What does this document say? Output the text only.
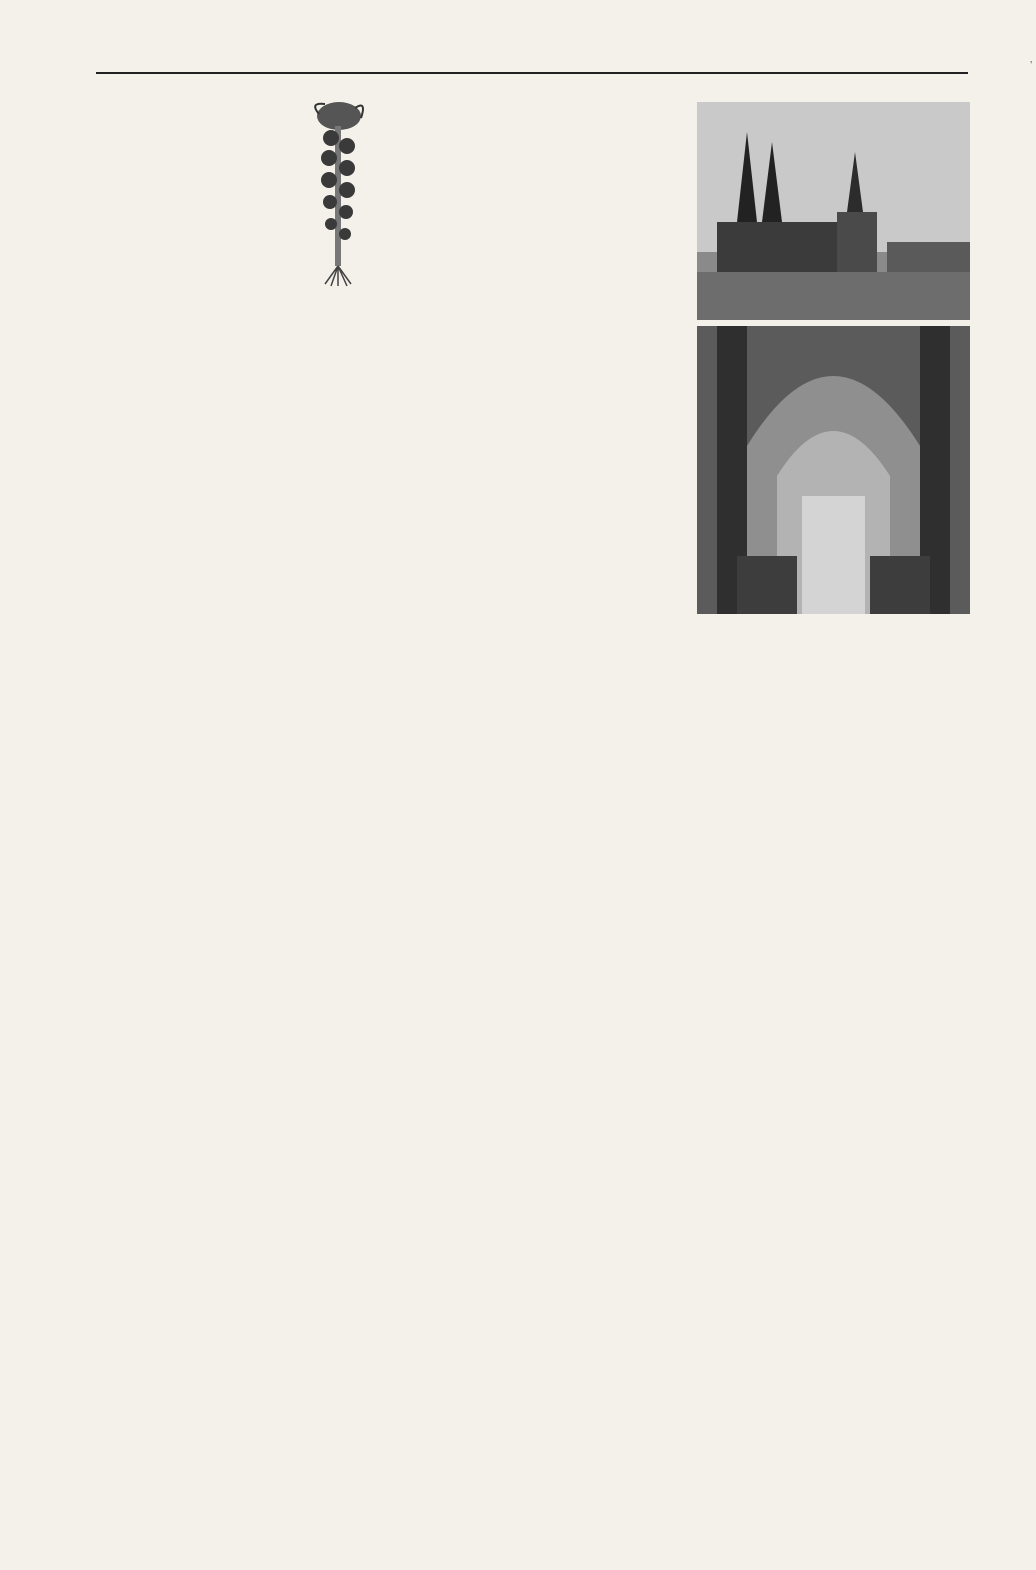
'
